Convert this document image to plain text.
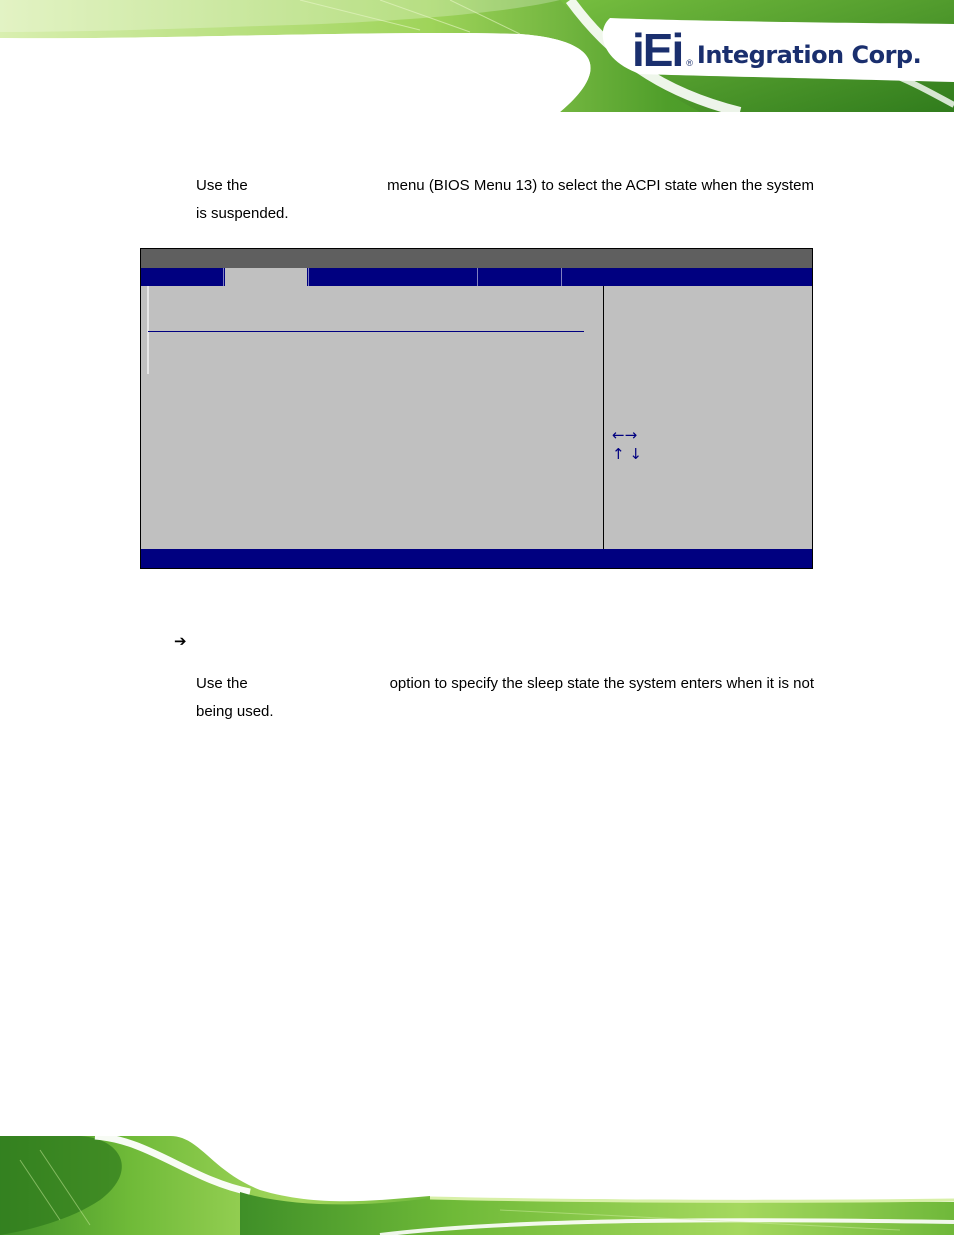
iEi ® Integration Corp.
Use the	menu (BIOS Menu 13) to select the ACPI state when the system
is suspended.
←→
↑ ↓
➔
Use the	option to specify the sleep state the system enters when it is not
being used.
